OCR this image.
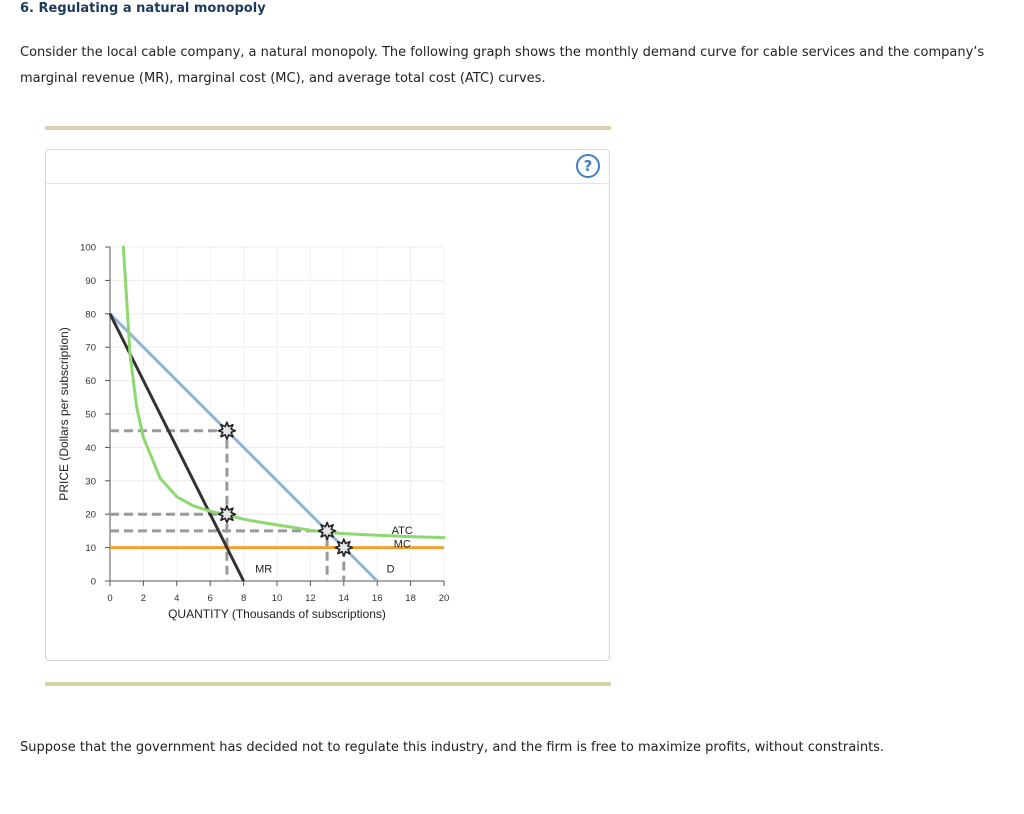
6. Regulating a natural monopoly
Consider the local cable company, a natural monopoly. The following graph shows the monthly demand curve for cable services and the company’s marginal revenue (MR), marginal cost (MC), and average total cost (ATC) curves.
?
0
10
20
30
40
50
60
70
80
90
100
0	2	4	6	8	10 12 14 16 18 20
QUANTITY (Thousands of subscriptions)
PRICE (Dollars per subscription)
ATC
MC
MR	D
Suppose that the government has decided not to regulate this industry, and the firm is free to maximize profits, without constraints.
